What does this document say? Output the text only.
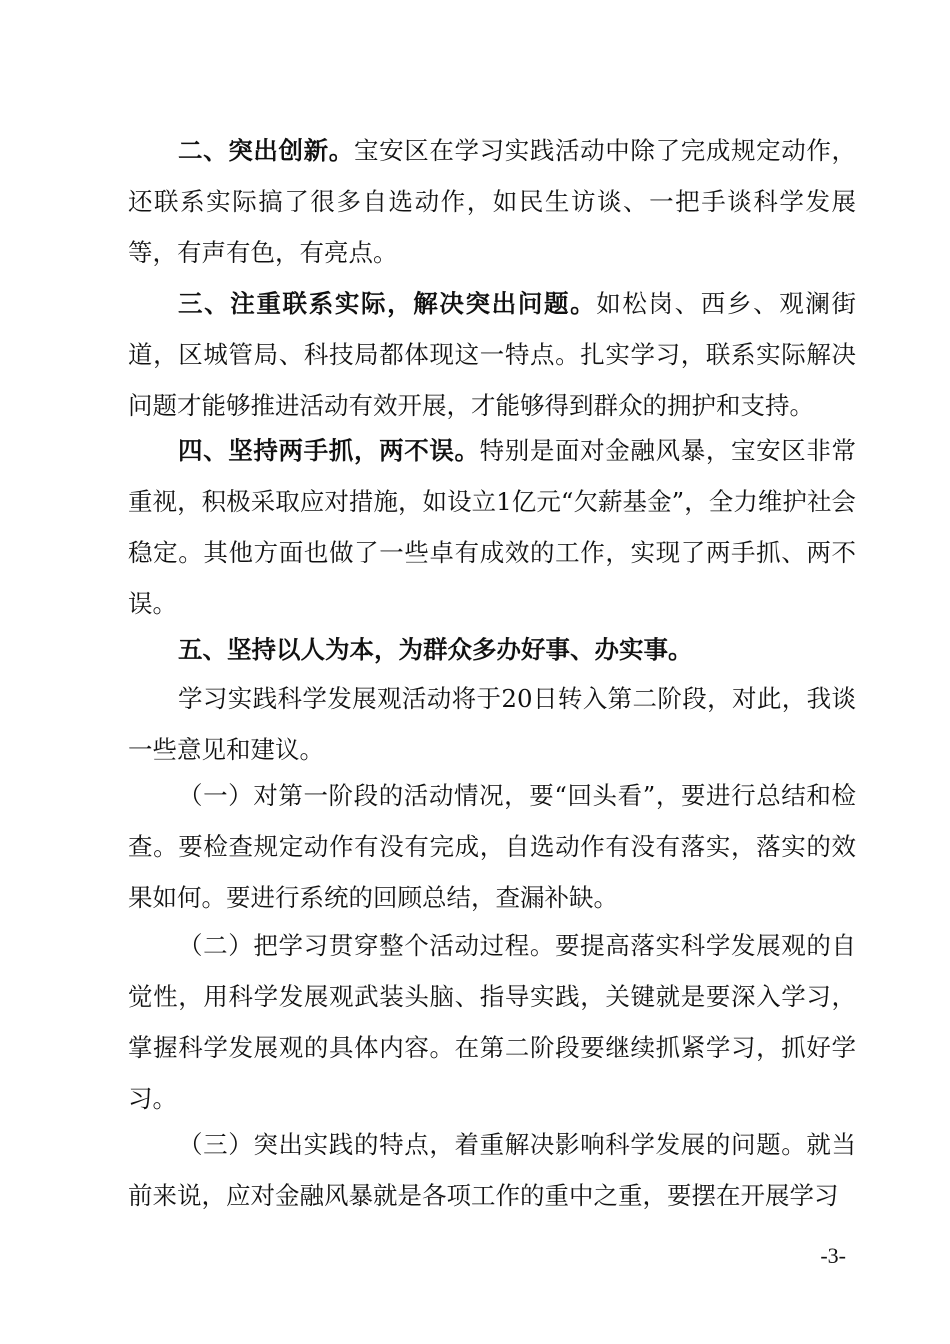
二、突出创新。宝安区在学习实践活动中除了完成规定动作，还联系实际搞了很多自选动作，如民生访谈、一把手谈科学发展等，有声有色，有亮点。

三、注重联系实际，解决突出问题。如松岗、西乡、观澜街道，区城管局、科技局都体现这一特点。扎实学习，联系实际解决问题才能够推进活动有效开展，才能够得到群众的拥护和支持。

四、坚持两手抓，两不误。特别是面对金融风暴，宝安区非常重视，积极采取应对措施，如设立1亿元“欠薪基金”，全力维护社会稳定。其他方面也做了一些卓有成效的工作，实现了两手抓、两不误。

五、坚持以人为本，为群众多办好事、办实事。

学习实践科学发展观活动将于20日转入第二阶段，对此，我谈一些意见和建议。

（一）对第一阶段的活动情况，要“回头看”，要进行总结和检查。要检查规定动作有没有完成，自选动作有没有落实，落实的效果如何。要进行系统的回顾总结，查漏补缺。

（二）把学习贯穿整个活动过程。要提高落实科学发展观的自觉性，用科学发展观武装头脑、指导实践，关键就是要深入学习，掌握科学发展观的具体内容。在第二阶段要继续抓紧学习，抓好学习。

（三）突出实践的特点，着重解决影响科学发展的问题。就当前来说，应对金融风暴就是各项工作的重中之重，要摆在开展学习

-3-
